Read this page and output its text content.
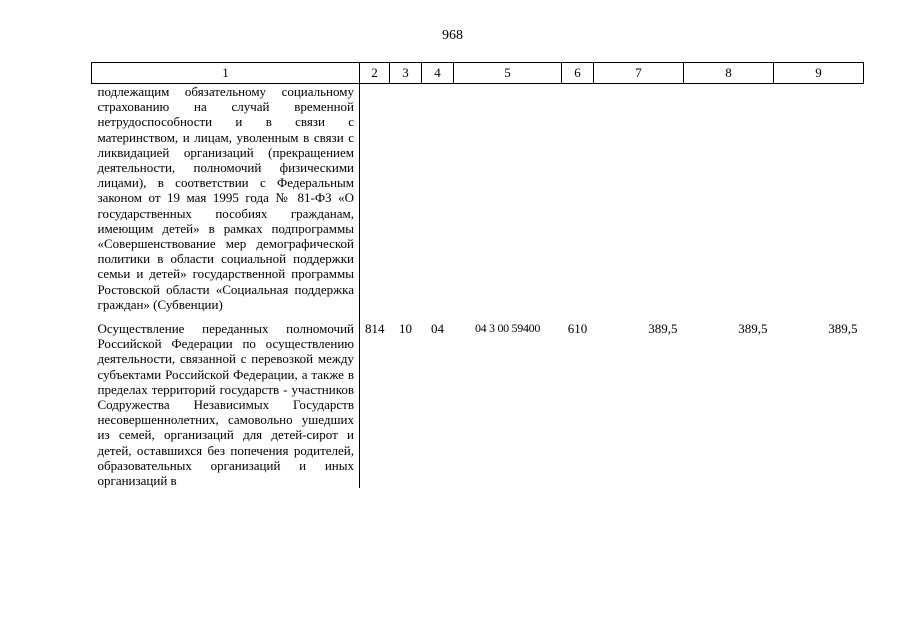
968
1	2	3	4	5	6	7	8	9
подлежащим обязательному социальному страхованию на случай временной нетрудоспособности и в связи с материнством, и лицам, уволенным в связи с ликвидацией организаций (прекращением деятельности, полномочий физическими лицами), в соответствии с Федеральным законом от 19 мая 1995 года № 81-ФЗ «О государственных пособиях гражданам, имеющим детей» в рамках подпрограммы «Совершенствование мер демографической политики в области социальной поддержки семьи и детей» государственной программы Ростовской области «Социальная поддержка граждан» (Субвенции)								

Осуществление переданных полномочий Российской Федерации по осуществлению деятельности, связанной с перевозкой между субъектами Российской Федерации, а также в пределах территорий государств - участников Содружества Независимых Государств несовершеннолетних, самовольно ушедших из семей, организаций для детей-сирот и детей, оставшихся без попечения родителей, образовательных организаций и иных организаций в	814	10	04	04 3 00 59400	610	389,5	389,5	389,5
